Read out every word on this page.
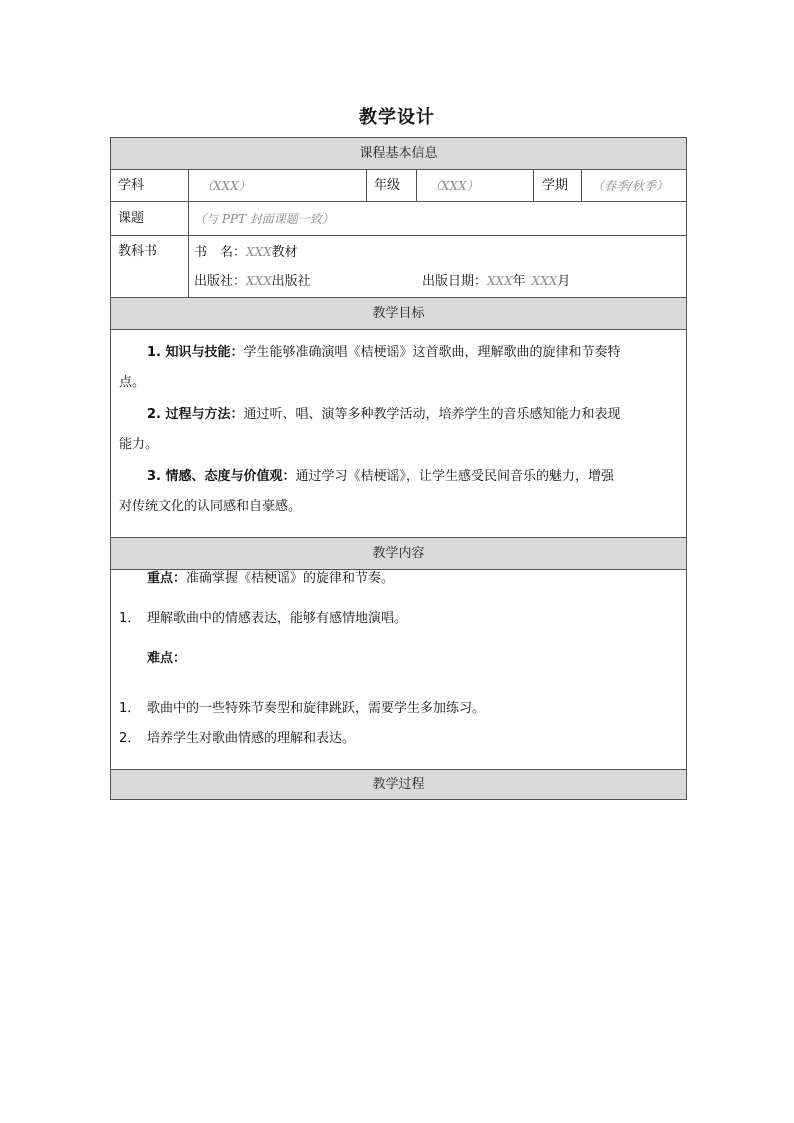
教学设计
课程基本信息
学科	（XXX）	年级	（XXX）	学期	（春季/秋季）
课题	（与 PPT 封面课题一致）
教科书	书　名：XXX教材
出版社：XXX出版社	出版日期：XXX年 XXX月
教学目标
1. 知识与技能：学生能够准确演唱《桔梗谣》这首歌曲，理解歌曲的旋律和节奏特
点。
2. 过程与方法：通过听、唱、演等多种教学活动，培养学生的音乐感知能力和表现
能力。
3. 情感、态度与价值观：通过学习《桔梗谣》，让学生感受民间音乐的魅力，增强
对传统文化的认同感和自豪感。
教学内容
重点：准确掌握《桔梗谣》的旋律和节奏。
1． 理解歌曲中的情感表达，能够有感情地演唱。
难点：
1． 歌曲中的一些特殊节奏型和旋律跳跃，需要学生多加练习。
2． 培养学生对歌曲情感的理解和表达。
教学过程
